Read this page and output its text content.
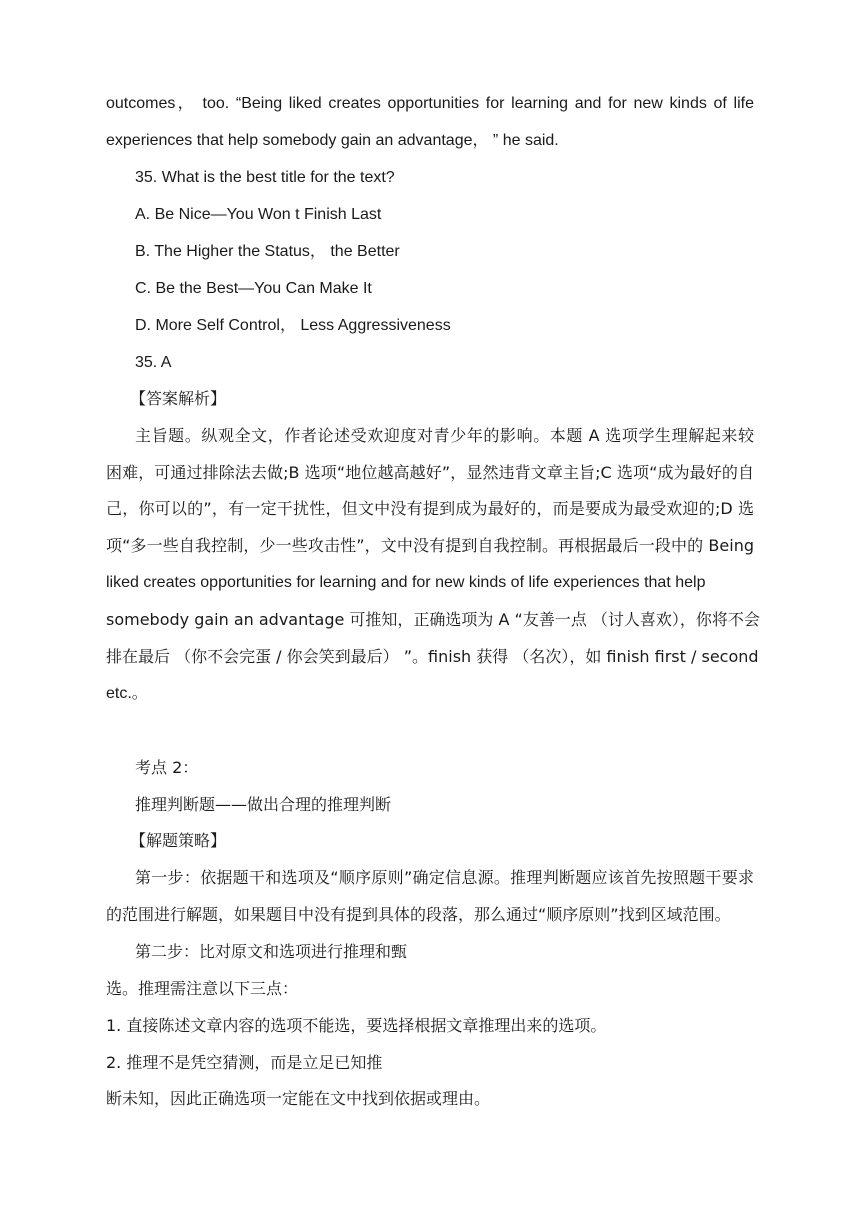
outcomes， too. “Being liked creates opportunities for learning and for new kinds of life
experiences that help somebody gain an advantage， ” he said.
35. What is the best title for the text?
A. Be Nice—You Won t Finish Last
B. The Higher the Status， the Better
C. Be the Best—You Can Make It
D. More Self Control， Less Aggressiveness
35. A
【答案解析】
主旨题。纵观全文，作者论述受欢迎度对青少年的影响。本题 A 选项学生理解起来较
困难，可通过排除法去做;B 选项“地位越高越好”，显然违背文章主旨;C 选项“成为最好的自
己，你可以的”，有一定干扰性，但文中没有提到成为最好的，而是要成为最受欢迎的;D 选
项“多一些自我控制，少一些攻击性”，文中没有提到自我控制。再根据最后一段中的 Being
liked creates opportunities for learning and for new kinds of life experiences that help
somebody gain an advantage 可推知，正确选项为 A “友善一点 （讨人喜欢），你将不会
排在最后 （你不会完蛋 / 你会笑到最后） ”。finish 获得 （名次），如 finish first / second
etc.。
考点 2：
推理判断题——做出合理的推理判断
【解题策略】
第一步：依据题干和选项及“顺序原则”确定信息源。推理判断题应该首先按照题干要求
的范围进行解题，如果题目中没有提到具体的段落，那么通过“顺序原则”找到区域范围。
第二步：比对原文和选项进行推理和甄
选。推理需注意以下三点：
1. 直接陈述文章内容的选项不能选，要选择根据文章推理出来的选项。
2. 推理不是凭空猜测，而是立足已知推
断未知，因此正确选项一定能在文中找到依据或理由。
